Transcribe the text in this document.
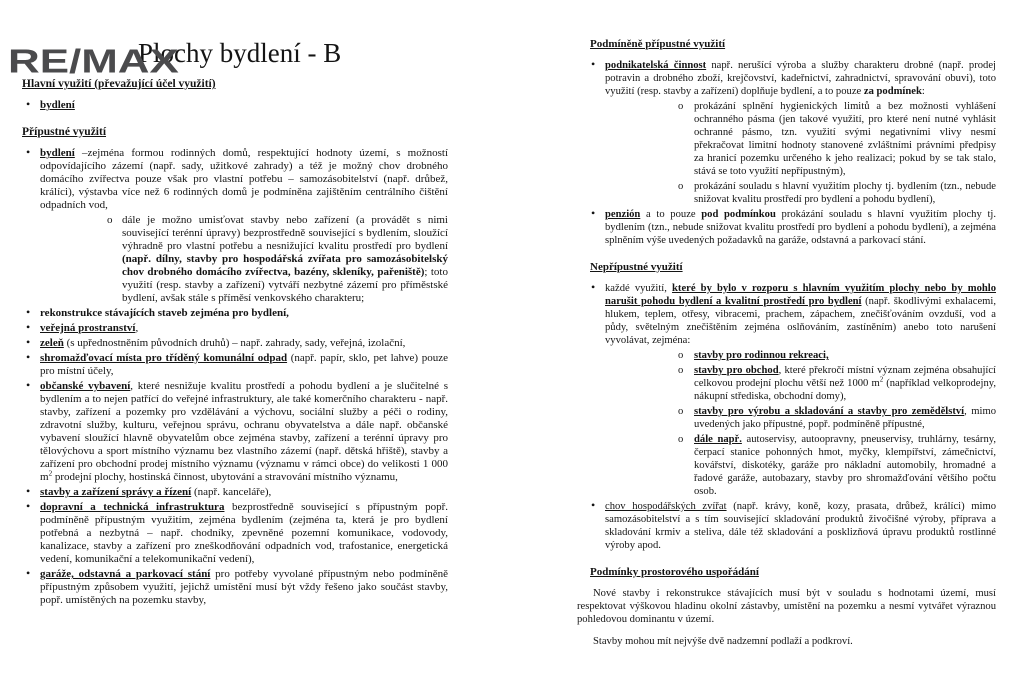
RE/MAX
Plochy bydlení - B
Hlavní využití (převažující účel využití)
• bydlení
Přípustné využití
• bydlení –zejména formou rodinných domů, respektující hodnoty území, s možností odpovídajícího zázemí (např. sady, užitkové zahrady) a též je možný chov drobného domácího zvířectva pouze však pro vlastní potřebu – samozásobitelství (např. drůbež, králíci), výstavba více než 6 rodinných domů je podmíněna zajištěním centrálního čištění odpadních vod,
o dále je možno umisťovat stavby nebo zařízení (a provádět s nimi související terénní úpravy) bezprostředně související s bydlením, sloužící výhradně pro vlastní potřebu a nesnižující kvalitu prostředí pro bydlení (např. dílny, stavby pro hospodářská zvířata pro samozásobitelský chov drobného domácího zvířectva, bazény, skleníky, pařeniště); toto využití (resp. stavby a zařízení) vytváří nezbytné zázemí pro příměstské bydlení, avšak stále s příměsí venkovského charakteru;
• rekonstrukce stávajících staveb zejména pro bydlení,
• veřejná prostranství,
• zeleň (s upřednostněním původních druhů) – např. zahrady, sady, veřejná, izolační,
• shromažďovací místa pro tříděný komunální odpad (např. papír, sklo, pet lahve) pouze pro místní účely,
• občanské vybavení, které nesnižuje kvalitu prostředí a pohodu bydlení a je slučitelné s bydlením a to nejen patřící do veřejné infrastruktury, ale také komerčního charakteru - např. stavby, zařízení a pozemky pro vzdělávání a výchovu, sociální služby a péči o rodiny, zdravotní služby, kulturu, veřejnou správu, ochranu obyvatelstva a dále např. občanské vybavení sloužící hlavně obyvatelům obce zejména stavby, zařízení a terénní úpravy pro tělovýchovu a sport místního významu bez vlastního zázemí (např. dětská hřiště), stavby a zařízení pro obchodní prodej místního významu (významu v rámci obce) do velikosti 1 000 $m^2$ prodejní plochy, hostinská činnost, ubytování a stravování místního významu,
• stavby a zařízení správy a řízení (např. kanceláře),
• dopravní a technická infrastruktura bezprostředně související s přípustným popř. podmíněně přípustným využitím, zejména bydlením (zejména ta, která je pro bydlení potřebná a nezbytná – např. chodníky, zpevněné pozemní komunikace, vodovody, kanalizace, stavby a zařízení pro zneškodňování odpadních vod, trafostanice, energetická vedení, komunikační a telekomunikační vedení),
• garáže, odstavná a parkovací stání pro potřeby vyvolané přípustným nebo podmíněně přípustným způsobem využití, jejichž umístění musí být vždy řešeno jako součást stavby, popř. umístěných na pozemku stavby,
Podmíněně přípustné využití
• podnikatelská činnost např. nerušící výroba a služby charakteru drobné (např. prodej potravin a drobného zboží, krejčovství, kadeřnictví, zahradnictví, spravování obuvi), toto využití (resp. stavby a zařízení) doplňuje bydlení, a to pouze za podmínek:
o prokázání splnění hygienických limitů a bez možnosti vyhlášení ochranného pásma (jen takové využití, pro které není nutné vyhlásit ochranné pásmo, tzn. využití svými negativními vlivy nesmí překračovat limitní hodnoty stanovené zvláštními právními předpisy za hranicí pozemku určeného k jeho realizaci; pokud by se tak stalo, stává se toto využití nepřípustným),
o prokázání souladu s hlavní využitím plochy tj. bydlením (tzn., nebude snižovat kvalitu prostředí pro bydlení a pohodu bydlení),
• penzión a to pouze pod podmínkou prokázání souladu s hlavní využitím plochy tj. bydlením (tzn., nebude snižovat kvalitu prostředí pro bydlení a pohodu bydlení), a zejména splněním výše uvedených požadavků na garáže, odstavná a parkovací stání.
Nepřípustné využití
• každé využití, které by bylo v rozporu s hlavním využitím plochy nebo by mohlo narušit pohodu bydlení a kvalitní prostředí pro bydlení (např. škodlivými exhalacemi, hlukem, teplem, otřesy, vibracemi, prachem, zápachem, znečišťováním ovzduší, vod a půdy, světelným znečištěním zejména oslňováním, zastíněním) anebo toto narušení vyvolávat, zejména:
o stavby pro rodinnou rekreaci,
o stavby pro obchod, které překročí místní význam zejména obsahující celkovou prodejní plochu větší než 1000 $m^2$ (například velkoprodejny, nákupní střediska, obchodní domy),
o stavby pro výrobu a skladování a stavby pro zemědělství, mimo uvedených jako přípustné, popř. podmíněně přípustné,
o dále např. autoservisy, autoopravny, pneuservisy, truhlárny, tesárny, čerpací stanice pohonných hmot, myčky, klempířství, zámečnictví, kovářství, diskotéky, garáže pro nákladní automobily, hromadné a řadové garáže, autobazary, stavby pro shromažďování většího počtu osob.
• chov hospodářských zvířat (např. krávy, koně, kozy, prasata, drůbež, králíci) mimo samozásobitelství a s tím související skladování produktů živočišné výroby, příprava a skladování krmiv a steliva, dále též skladování a posklizňová úpravu produktů rostlinné výroby apod.
Podmínky prostorového uspořádání
Nové stavby i rekonstrukce stávajících musí být v souladu s hodnotami území, musí respektovat výškovou hladinu okolní zástavby, umístění na pozemku a nesmí vytvářet výraznou pohledovou dominantu v území.
Stavby mohou mít nejvýše dvě nadzemní podlaží a podkroví.
